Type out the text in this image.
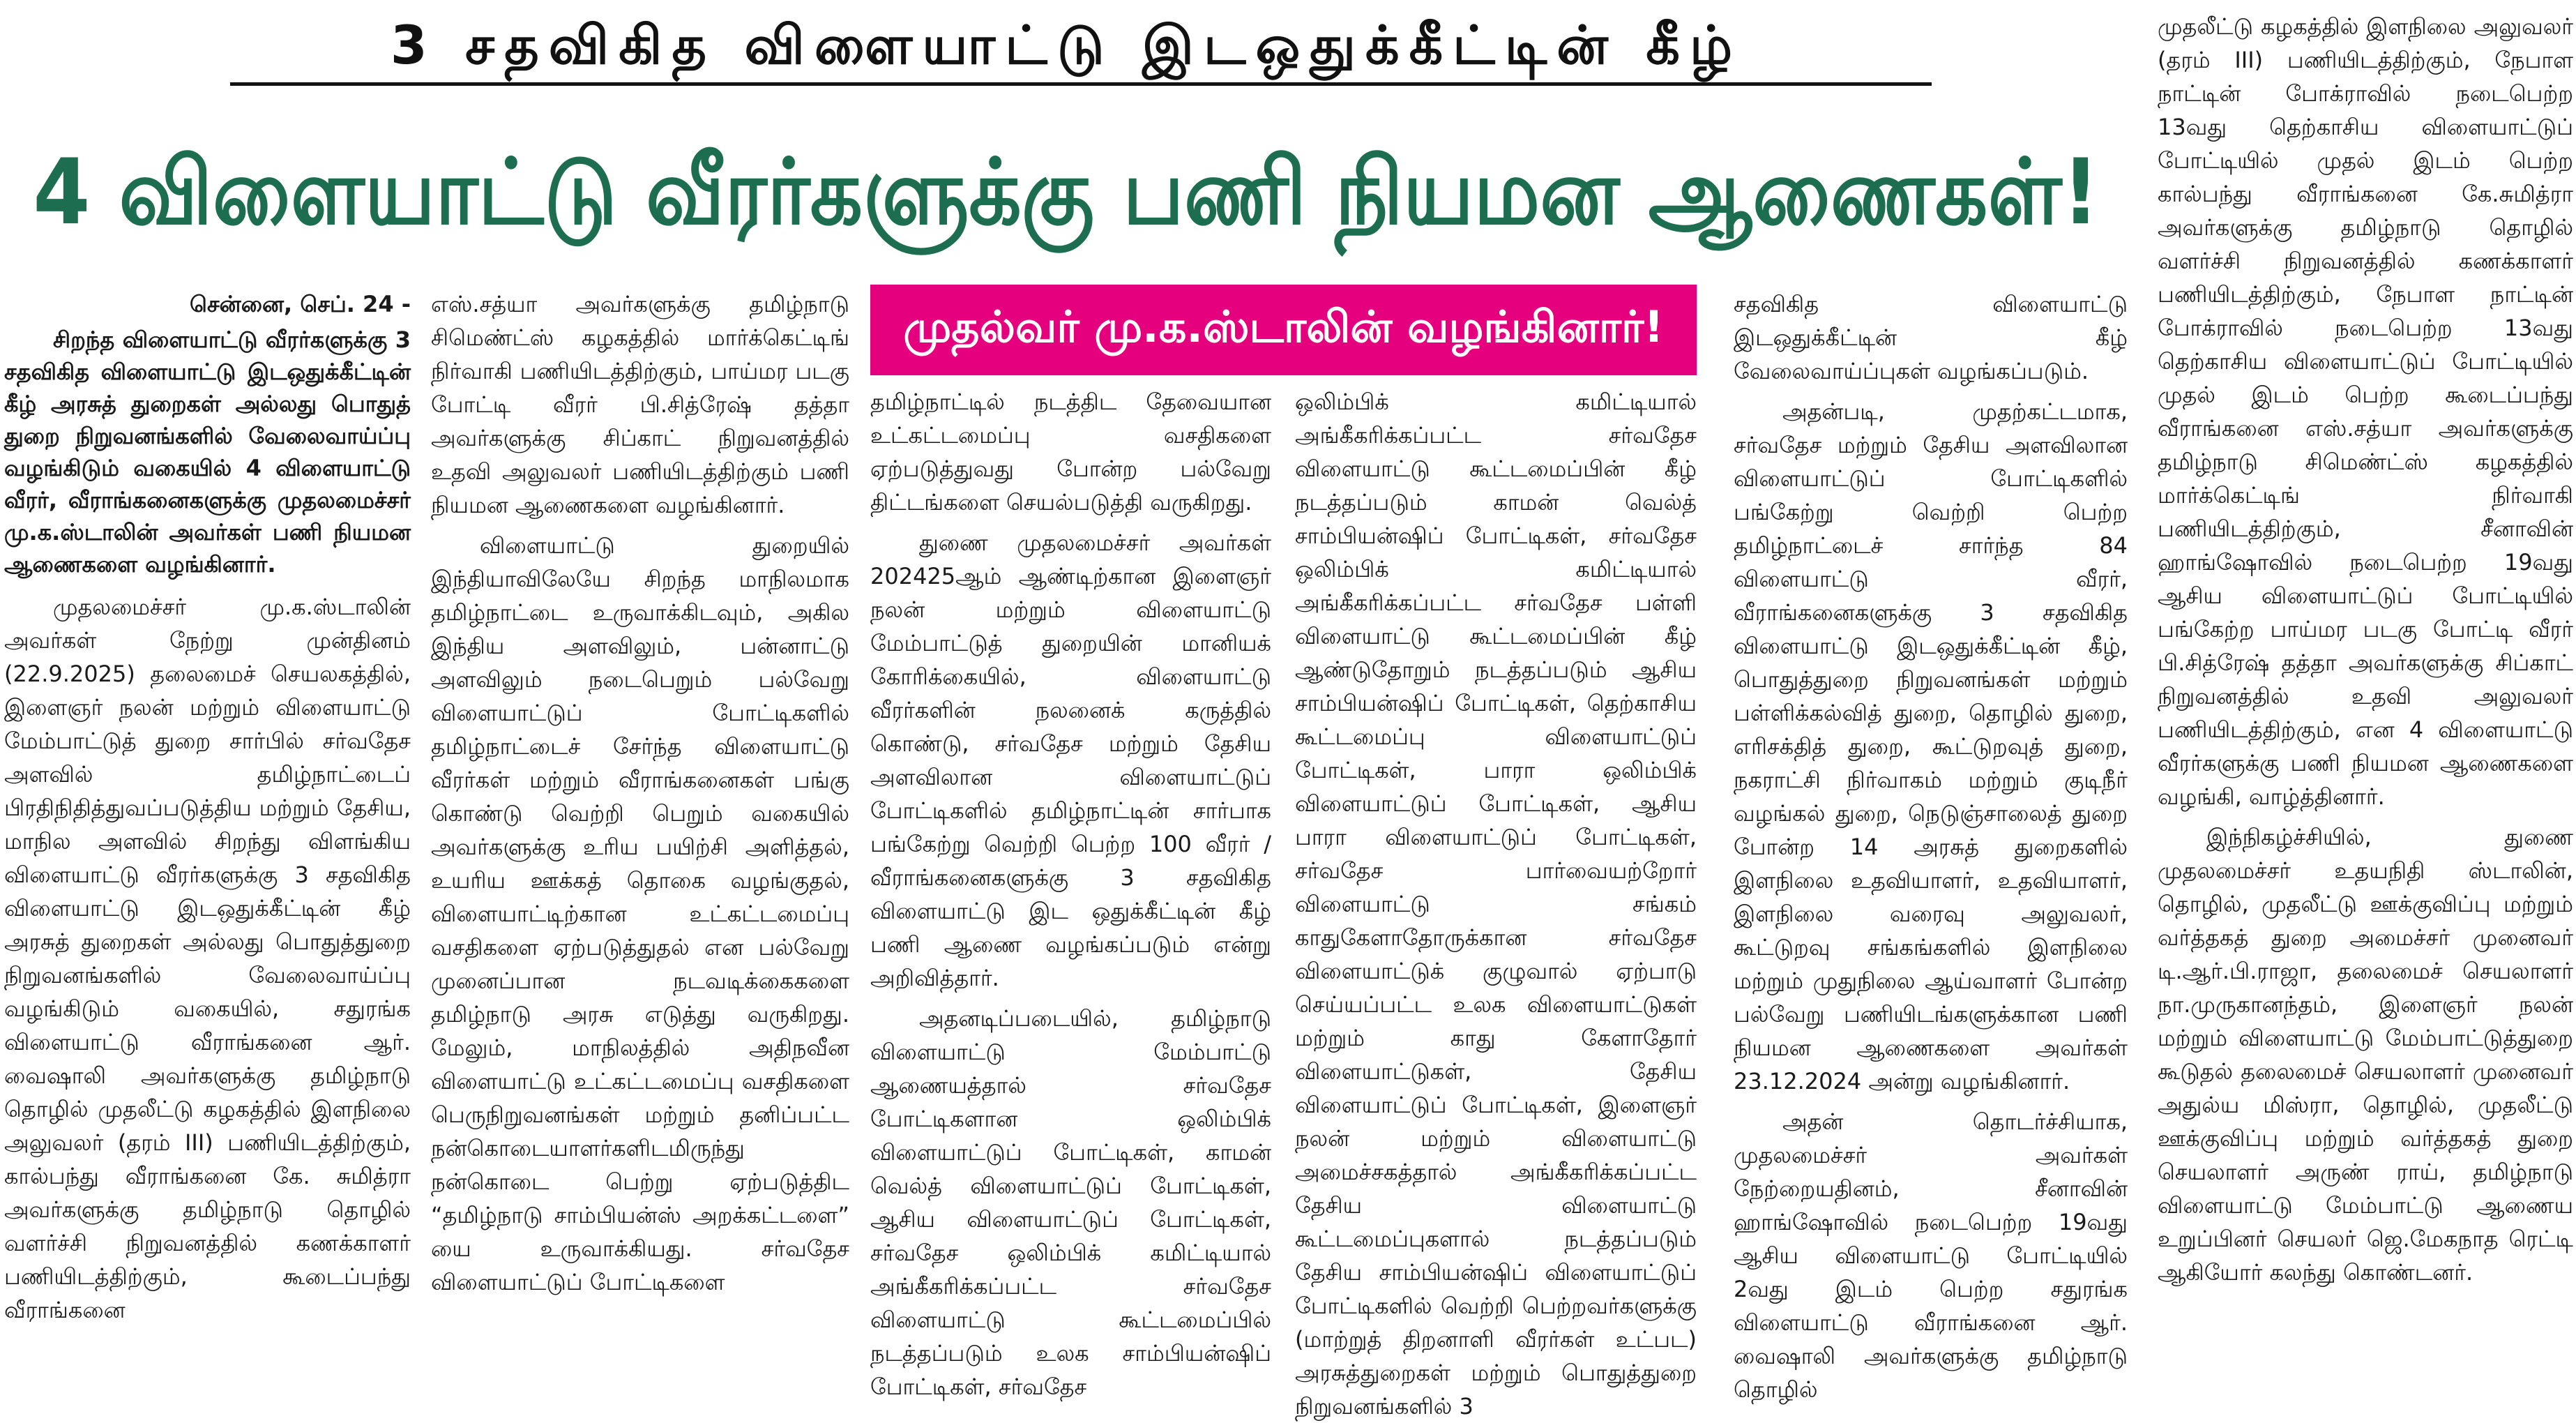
3 சதவிகித விளையாட்டு இடஒதுக்கீட்டின் கீழ்
4 விளையாட்டு வீரர்களுக்கு பணி நியமன ஆணைகள்!
முதல்வர் மு.க.ஸ்டாலின் வழங்கினார்!
சென்னை, செப். 24 -

சிறந்த விளையாட்டு வீரர்களுக்கு 3 சதவிகித விளையாட்டு இடஒதுக்கீட்டின் கீழ் அரசுத் துறைகள் அல்லது பொதுத் துறை நிறுவனங்களில் வேலைவாய்ப்பு வழங்கிடும் வகையில் 4 விளையாட்டு வீரர், வீராங்கனைகளுக்கு முதலமைச்சர் மு.க.ஸ்டாலின் அவர்கள் பணி நியமன ஆணைகளை வழங்கினார்.

முதலமைச்சர் மு.க.ஸ்டாலின் அவர்கள் நேற்று முன்தினம் (22.9.2025) தலைமைச் செயலகத்தில், இளைஞர் நலன் மற்றும் விளையாட்டு மேம்பாட்டுத் துறை சார்பில் சர்வதேச அளவில் தமிழ்நாட்டைப் பிரதிநிதித்துவப்படுத்திய மற்றும் தேசிய, மாநில அளவில் சிறந்து விளங்கிய விளையாட்டு வீரர்களுக்கு 3 சதவிகித விளையாட்டு இடஒதுக்கீட்டின் கீழ் அரசுத் துறைகள் அல்லது பொதுத்துறை நிறுவனங்களில் வேலைவாய்ப்பு வழங்கிடும் வகையில், சதுரங்க விளையாட்டு வீராங்கனை ஆர். வைஷாலி அவர்களுக்கு தமிழ்நாடு தொழில் முதலீட்டு கழகத்தில் இளநிலை அலுவலர் (தரம் III) பணியிடத்திற்கும், கால்பந்து வீராங்கனை கே. சுமித்ரா அவர்களுக்கு தமிழ்நாடு தொழில் வளர்ச்சி நிறுவனத்தில் கணக்காளர் பணியிடத்திற்கும், கூடைப்பந்து வீராங்கனை

எஸ்.சத்யா அவர்களுக்கு தமிழ்நாடு சிமெண்ட்ஸ் கழகத்தில் மார்க்கெட்டிங் நிர்வாகி பணியிடத்திற்கும், பாய்மர படகு போட்டி வீரர் பி.சித்ரேஷ் தத்தா அவர்களுக்கு சிப்காட் நிறுவனத்தில் உதவி அலுவலர் பணியிடத்திற்கும் பணி நியமன ஆணைகளை வழங்கினார்.

விளையாட்டு துறையில் இந்தியாவிலேயே சிறந்த மாநிலமாக தமிழ்நாட்டை உருவாக்கிடவும், அகில இந்திய அளவிலும், பன்னாட்டு அளவிலும் நடைபெறும் பல்வேறு விளையாட்டுப் போட்டிகளில் தமிழ்நாட்டைச் சேர்ந்த விளையாட்டு வீரர்கள் மற்றும் வீராங்கனைகள் பங்கு கொண்டு வெற்றி பெறும் வகையில் அவர்களுக்கு உரிய பயிற்சி அளித்தல், உயரிய ஊக்கத் தொகை வழங்குதல், விளையாட்டிற்கான உட்கட்டமைப்பு வசதிகளை ஏற்படுத்துதல் என பல்வேறு முனைப்பான நடவடிக்கைகளை தமிழ்நாடு அரசு எடுத்து வருகிறது. மேலும், மாநிலத்தில் அதிநவீன விளையாட்டு உட்கட்டமைப்பு வசதிகளை பெருநிறுவனங்கள் மற்றும் தனிப்பட்ட நன்கொடையாளர்களிடமிருந்து நன்கொடை பெற்று ஏற்படுத்திட “தமிழ்நாடு சாம்பியன்ஸ் அறக்கட்டளை” யை உருவாக்கியது. சர்வதேச விளையாட்டுப் போட்டிகளை

தமிழ்நாட்டில் நடத்திட தேவையான உட்கட்டமைப்பு வசதிகளை ஏற்படுத்துவது போன்ற பல்வேறு திட்டங்களை செயல்படுத்தி வருகிறது.

துணை முதலமைச்சர் அவர்கள் 202425ஆம் ஆண்டிற்கான இளைஞர் நலன் மற்றும் விளையாட்டு மேம்பாட்டுத் துறையின் மானியக் கோரிக்கையில், விளையாட்டு வீரர்களின் நலனைக் கருத்தில் கொண்டு, சர்வதேச மற்றும் தேசிய அளவிலான விளையாட்டுப் போட்டிகளில் தமிழ்நாட்டின் சார்பாக பங்கேற்று வெற்றி பெற்ற 100 வீரர் / வீராங்கனைகளுக்கு 3 சதவிகித விளையாட்டு இட ஒதுக்கீட்டின் கீழ் பணி ஆணை வழங்கப்படும் என்று அறிவித்தார்.

அதனடிப்படையில், தமிழ்நாடு விளையாட்டு மேம்பாட்டு ஆணையத்தால் சர்வதேச போட்டிகளான ஒலிம்பிக் விளையாட்டுப் போட்டிகள், காமன் வெல்த் விளையாட்டுப் போட்டிகள், ஆசிய விளையாட்டுப் போட்டிகள், சர்வதேச ஒலிம்பிக் கமிட்டியால் அங்கீகரிக்கப்பட்ட சர்வதேச விளையாட்டு கூட்டமைப்பில் நடத்தப்படும் உலக சாம்பியன்ஷிப் போட்டிகள், சர்வதேச

ஒலிம்பிக் கமிட்டியால் அங்கீகரிக்கப்பட்ட சர்வதேச விளையாட்டு கூட்டமைப்பின் கீழ் நடத்தப்படும் காமன் வெல்த் சாம்பியன்ஷிப் போட்டிகள், சர்வதேச ஒலிம்பிக் கமிட்டியால் அங்கீகரிக்கப்பட்ட சர்வதேச பள்ளி விளையாட்டு கூட்டமைப்பின் கீழ் ஆண்டுதோறும் நடத்தப்படும் ஆசிய சாம்பியன்ஷிப் போட்டிகள், தெற்காசிய கூட்டமைப்பு விளையாட்டுப் போட்டிகள், பாரா ஒலிம்பிக் விளையாட்டுப் போட்டிகள், ஆசிய பாரா விளையாட்டுப் போட்டிகள், சர்வதேச பார்வையற்றோர் விளையாட்டு சங்கம் காதுகேளாதோருக்கான சர்வதேச விளையாட்டுக் குழுவால் ஏற்பாடு செய்யப்பட்ட உலக விளையாட்டுகள் மற்றும் காது கேளாதோர் விளையாட்டுகள், தேசிய விளையாட்டுப் போட்டிகள், இளைஞர் நலன் மற்றும் விளையாட்டு அமைச்சகத்தால் அங்கீகரிக்கப்பட்ட தேசிய விளையாட்டு கூட்டமைப்புகளால் நடத்தப்படும் தேசிய சாம்பியன்ஷிப் விளையாட்டுப் போட்டிகளில் வெற்றி பெற்றவர்களுக்கு (மாற்றுத் திறனாளி வீரர்கள் உட்பட) அரசுத்துறைகள் மற்றும் பொதுத்துறை நிறுவனங்களில் 3

சதவிகித விளையாட்டு இடஒதுக்கீட்டின் கீழ் வேலைவாய்ப்புகள் வழங்கப்படும்.

அதன்படி, முதற்கட்டமாக, சர்வதேச மற்றும் தேசிய அளவிலான விளையாட்டுப் போட்டிகளில் பங்கேற்று வெற்றி பெற்ற தமிழ்நாட்டைச் சார்ந்த 84 விளையாட்டு வீரர், வீராங்கனைகளுக்கு 3 சதவிகித விளையாட்டு இடஒதுக்கீட்டின் கீழ், பொதுத்துறை நிறுவனங்கள் மற்றும் பள்ளிக்கல்வித் துறை, தொழில் துறை, எரிசக்தித் துறை, கூட்டுறவுத் துறை, நகராட்சி நிர்வாகம் மற்றும் குடிநீர் வழங்கல் துறை, நெடுஞ்சாலைத் துறை போன்ற 14 அரசுத் துறைகளில் இளநிலை உதவியாளர், உதவியாளர், இளநிலை வரைவு அலுவலர், கூட்டுறவு சங்கங்களில் இளநிலை மற்றும் முதுநிலை ஆய்வாளர் போன்ற பல்வேறு பணியிடங்களுக்கான பணி நியமன ஆணைகளை அவர்கள் 23.12.2024 அன்று வழங்கினார்.

அதன் தொடர்ச்சியாக, முதலமைச்சர் அவர்கள் நேற்றையதினம், சீனாவின் ஹாங்ஷோவில் நடைபெற்ற 19வது ஆசிய விளையாட்டு போட்டியில் 2வது இடம் பெற்ற சதுரங்க விளையாட்டு வீராங்கனை ஆர். வைஷாலி அவர்களுக்கு தமிழ்நாடு தொழில்

முதலீட்டு கழகத்தில் இளநிலை அலுவலர் (தரம் III) பணியிடத்திற்கும், நேபாள நாட்டின் போக்ராவில் நடைபெற்ற 13வது தெற்காசிய விளையாட்டுப் போட்டியில் முதல் இடம் பெற்ற கால்பந்து வீராங்கனை கே.சுமித்ரா அவர்களுக்கு தமிழ்நாடு தொழில் வளர்ச்சி நிறுவனத்தில் கணக்காளர் பணியிடத்திற்கும், நேபாள நாட்டின் போக்ராவில் நடைபெற்ற 13வது தெற்காசிய விளையாட்டுப் போட்டியில் முதல் இடம் பெற்ற கூடைப்பந்து வீராங்கனை எஸ்.சத்யா அவர்களுக்கு தமிழ்நாடு சிமெண்ட்ஸ் கழகத்தில் மார்க்கெட்டிங் நிர்வாகி பணியிடத்திற்கும், சீனாவின் ஹாங்ஷோவில் நடைபெற்ற 19வது ஆசிய விளையாட்டுப் போட்டியில் பங்கேற்ற பாய்மர படகு போட்டி வீரர் பி.சித்ரேஷ் தத்தா அவர்களுக்கு சிப்காட் நிறுவனத்தில் உதவி அலுவலர் பணியிடத்திற்கும், என 4 விளையாட்டு வீரர்களுக்கு பணி நியமன ஆணைகளை வழங்கி, வாழ்த்தினார்.

இந்நிகழ்ச்சியில், துணை முதலமைச்சர் உதயநிதி ஸ்டாலின், தொழில், முதலீட்டு ஊக்குவிப்பு மற்றும் வர்த்தகத் துறை அமைச்சர் முனைவர் டி.ஆர்.பி.ராஜா, தலைமைச் செயலாளர் நா.முருகானந்தம், இளைஞர் நலன் மற்றும் விளையாட்டு மேம்பாட்டுத்துறை கூடுதல் தலைமைச் செயலாளர் முனைவர் அதுல்ய மிஸ்ரா, தொழில், முதலீட்டு ஊக்குவிப்பு மற்றும் வர்த்தகத் துறை செயலாளர் அருண் ராய், தமிழ்நாடு விளையாட்டு மேம்பாட்டு ஆணைய உறுப்பினர் செயலர் ஜெ.மேகநாத ரெட்டி ஆகியோர் கலந்து கொண்டனர்.
